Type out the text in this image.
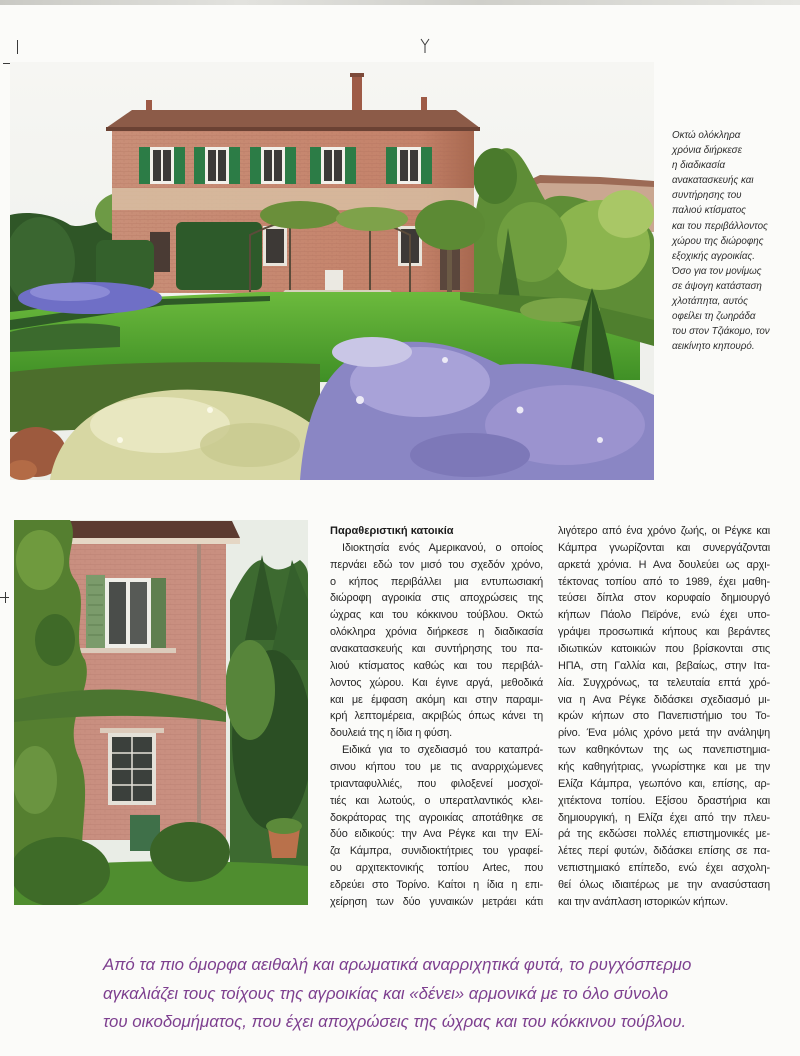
Οκτώ ολόκληρα
χρόνια διήρκεσε
η διαδικασία
ανακατασκευής και
συντήρησης του
παλιού κτίσματος
και του περιβάλλοντος
χώρου της διώροφης
εξοχικής αγροικίας.
Όσο για τον μονίμως
σε άψογη κατάσταση
χλοτάπητα, αυτός
οφείλει τη ζωηράδα
του στον Τζιάκομο, τον
αεικίνητο κηπουρό.
Παραθεριστική κατοικία
Ιδιοκτησία ενός Αμερικανού, ο οποίος
περνάει εδώ τον μισό του σχεδόν χρόνο,
ο κήπος περιβάλλει μια εντυπωσιακή
διώροφη αγροικία στις αποχρώσεις της
ώχρας και του κόκκινου τούβλου. Οκτώ
ολόκληρα χρόνια διήρκεσε η διαδικασία
ανακατασκευής και συντήρησης του πα-
λιού κτίσματος καθώς και του περιβάλ-
λοντος χώρου. Και έγινε αργά, μεθοδικά
και με έμφαση ακόμη και στην παραμι-
κρή λεπτομέρεια, ακριβώς όπως κάνει τη
δουλειά της η ίδια η φύση.
Ειδικά για το σχεδιασμό του καταπρά-
σινου κήπου του με τις αναρριχώμενες
τριανταφυλλιές, που φιλοξενεί μοσχοϊ-
τιές και λωτούς, ο υπερατλαντικός κλει-
δοκράτορας της αγροικίας αποτάθηκε σε
δύο ειδικούς: την Ανα Ρέγκε και την Ελί-
ζα Κάμπρα, συνιδιοκτήτριες του γραφεί-
ου αρχιτεκτονικής τοπίου Artec, που
εδρεύει στο Τορίνο. Καίτοι η ίδια η επι-
χείρηση των δύο γυναικών μετράει κάτι
λιγότερο από ένα χρόνο ζωής, οι Ρέγκε και
Κάμπρα γνωρίζονται και συνεργάζονται
αρκετά χρόνια. Η Ανα δουλεύει ως αρχι-
τέκτονας τοπίου από το 1989, έχει μαθη-
τεύσει δίπλα στον κορυφαίο δημιουργό
κήπων Πάολο Πεϊρόνε, ενώ έχει υπο-
γράψει προσωπικά κήπους και βεράντες
ιδιωτικών κατοικιών που βρίσκονται στις
ΗΠΑ, στη Γαλλία και, βεβαίως, στην Ιτα-
λία. Συγχρόνως, τα τελευταία επτά χρό-
νια η Ανα Ρέγκε διδάσκει σχεδιασμό μι-
κρών κήπων στο Πανεπιστήμιο του Το-
ρίνο. Ένα μόλις χρόνο μετά την ανάληψη
των καθηκόντων της ως πανεπιστημια-
κής καθηγήτριας, γνωρίστηκε και με την
Ελίζα Κάμπρα, γεωπόνο και, επίσης, αρ-
χιτέκτονα τοπίου. Εξίσου δραστήρια και
δημιουργική, η Ελίζα έχει από την πλευ-
ρά της εκδώσει πολλές επιστημονικές με-
λέτες περί φυτών, διδάσκει επίσης σε πα-
νεπιστημιακό επίπεδο, ενώ έχει ασχολη-
θεί όλως ιδιαιτέρως με την ανασύσταση
και την ανάπλαση ιστορικών κήπων.
Από τα πιο όμορφα αειθαλή και αρωματικά αναρριχητικά φυτά, το ρυγχόσπερμο
αγκαλιάζει τους τοίχους της αγροικίας και «δένει» αρμονικά με το όλο σύνολο
του οικοδομήματος, που έχει αποχρώσεις της ώχρας και του κόκκινου τούβλου.
